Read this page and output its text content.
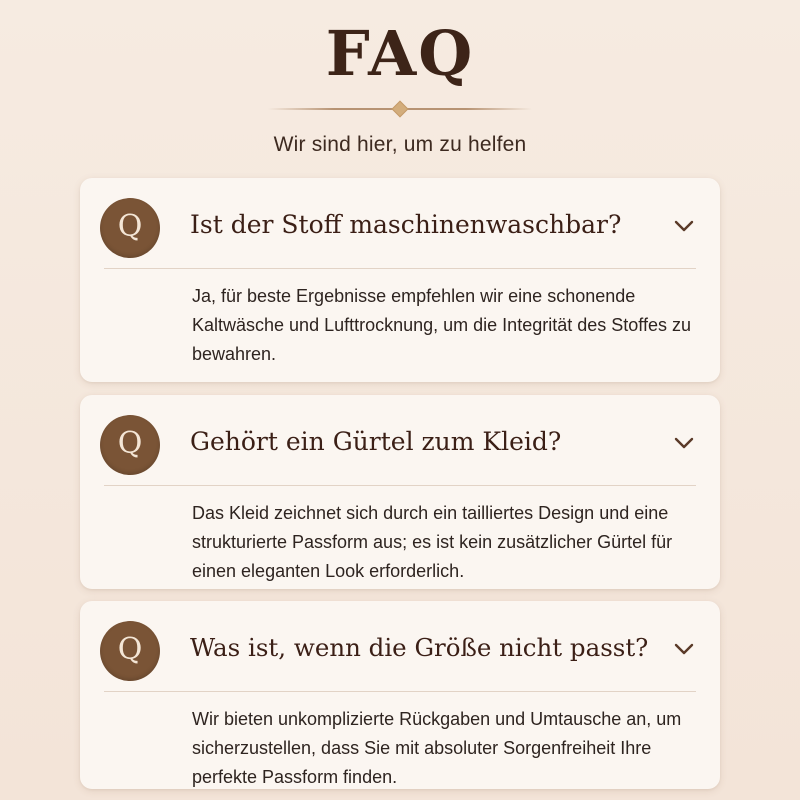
FAQ

Wir sind hier, um zu helfen

Q	Ist der Stoff maschinenwaschbar?

Ja, für beste Ergebnisse empfehlen wir eine schonende Kaltwäsche und Lufttrocknung, um die Integrität des Stoffes zu bewahren.

Q	Gehört ein Gürtel zum Kleid?

Das Kleid zeichnet sich durch ein tailliertes Design und eine strukturierte Passform aus; es ist kein zusätzlicher Gürtel für einen eleganten Look erforderlich.

Q	Was ist, wenn die Größe nicht passt?

Wir bieten unkomplizierte Rückgaben und Umtausche an, um sicherzustellen, dass Sie mit absoluter Sorgenfreiheit Ihre perfekte Passform finden.
